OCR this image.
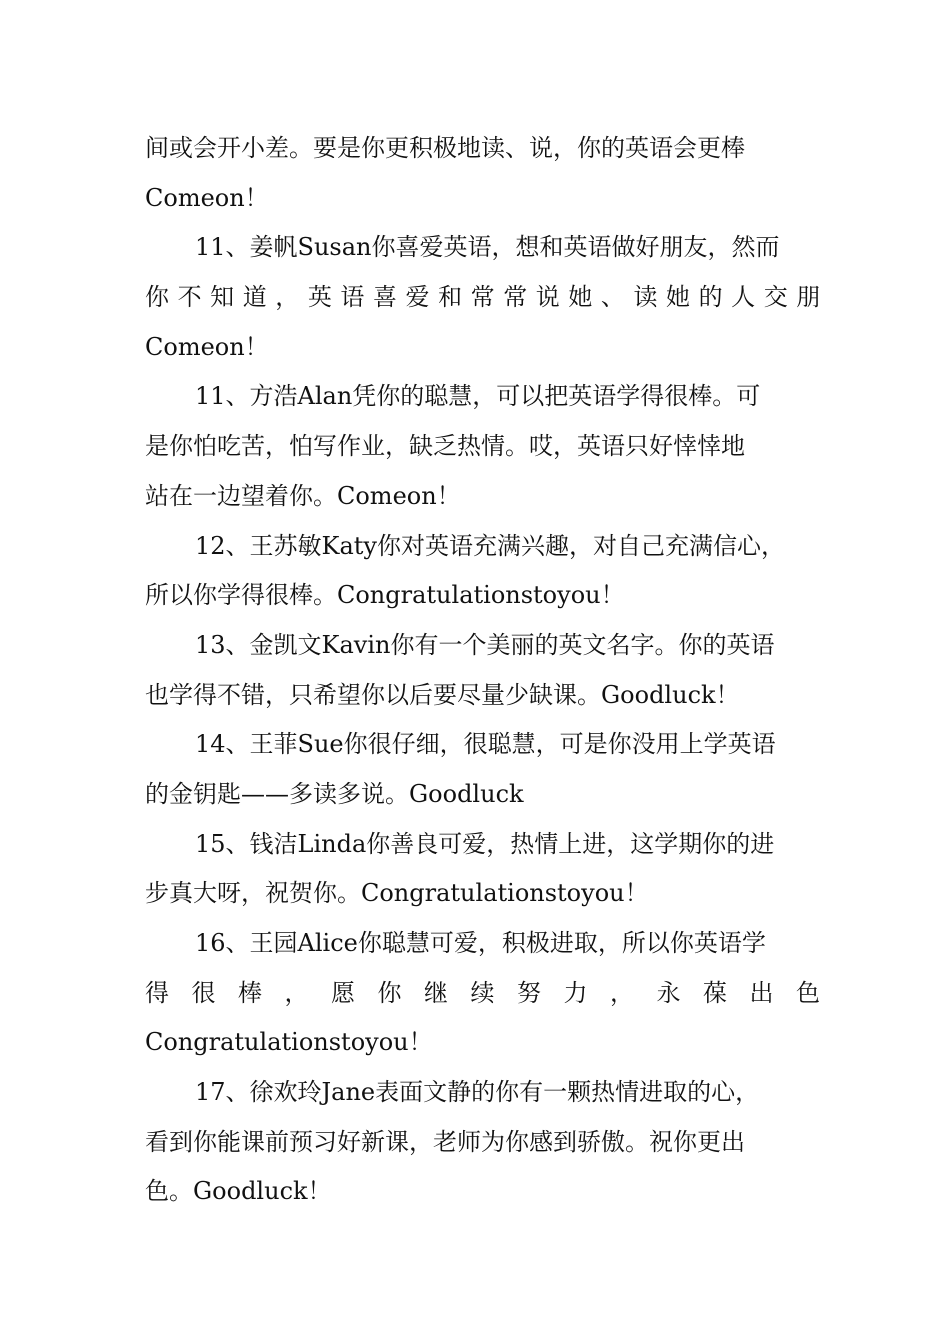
间或会开小差。要是你更积极地读、说，你的英语会更棒
Comeon！
11、姜帆Susan你喜爱英语，想和英语做好朋友，然而
你 不 知 道 ， 英 语 喜 爱 和 常 常 说 她 、 读 她 的 人 交 朋
Comeon！
11、方浩Alan凭你的聪慧，可以把英语学得很棒。可
是你怕吃苦，怕写作业，缺乏热情。哎，英语只好悻悻地
站在一边望着你。Comeon！
12、王苏敏Katy你对英语充满兴趣，对自己充满信心，
所以你学得很棒。Congratulationstoyou！
13、金凯文Kavin你有一个美丽的英文名字。你的英语
也学得不错，只希望你以后要尽量少缺课。Goodluck！
14、王菲Sue你很仔细，很聪慧，可是你没用上学英语
的金钥匙——多读多说。Goodluck
15、钱洁Linda你善良可爱，热情上进，这学期你的进
步真大呀，祝贺你。Congratulationstoyou！
16、王园Alice你聪慧可爱，积极进取，所以你英语学
得 很 棒 ， 愿 你 继 续 努 力 ， 永 葆 出 色
Congratulationstoyou！
17、徐欢玲Jane表面文静的你有一颗热情进取的心，
看到你能课前预习好新课，老师为你感到骄傲。祝你更出
色。Goodluck！
